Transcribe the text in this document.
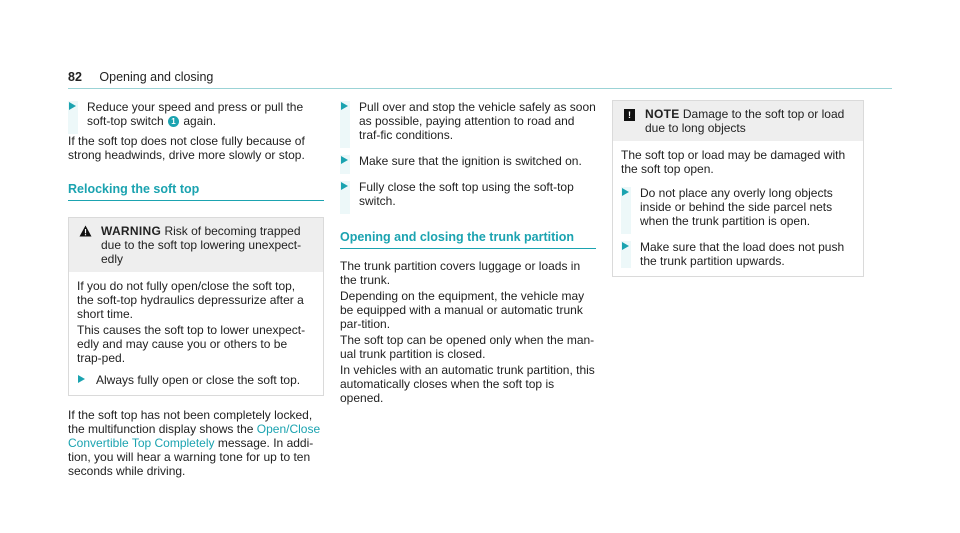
82 Opening and closing
Reduce your speed and press or pull the soft-top switch 1 again.

If the soft top does not close fully because of strong headwinds, drive more slowly or stop.

Relocking the soft top
WARNING Risk of becoming trapped due to the soft top lowering unexpect-edly

If you do not fully open/close the soft top, the soft-top hydraulics depressurize after a short time.

This causes the soft top to lower unexpect-edly and may cause you or others to be trap-ped.

Always fully open or close the soft top.

If the soft top has not been completely locked, the multifunction display shows the Open/Close Convertible Top Completely message. In addi-tion, you will hear a warning tone for up to ten seconds while driving.

Pull over and stop the vehicle safely as soon as possible, paying attention to road and traf-fic conditions.
Make sure that the ignition is switched on.
Fully close the soft top using the soft-top switch.
Opening and closing the trunk partition

The trunk partition covers luggage or loads in the trunk.

Depending on the equipment, the vehicle may be equipped with a manual or automatic trunk par-tition.

The soft top can be opened only when the man-ual trunk partition is closed.

In vehicles with an automatic trunk partition, this automatically closes when the soft top is opened.

!	NOTE Damage to the soft top or load due to long objects

The soft top or load may be damaged with the soft top open.

Do not place any overly long objects inside or behind the side parcel nets when the trunk partition is open.
Make sure that the load does not push the trunk partition upwards.
